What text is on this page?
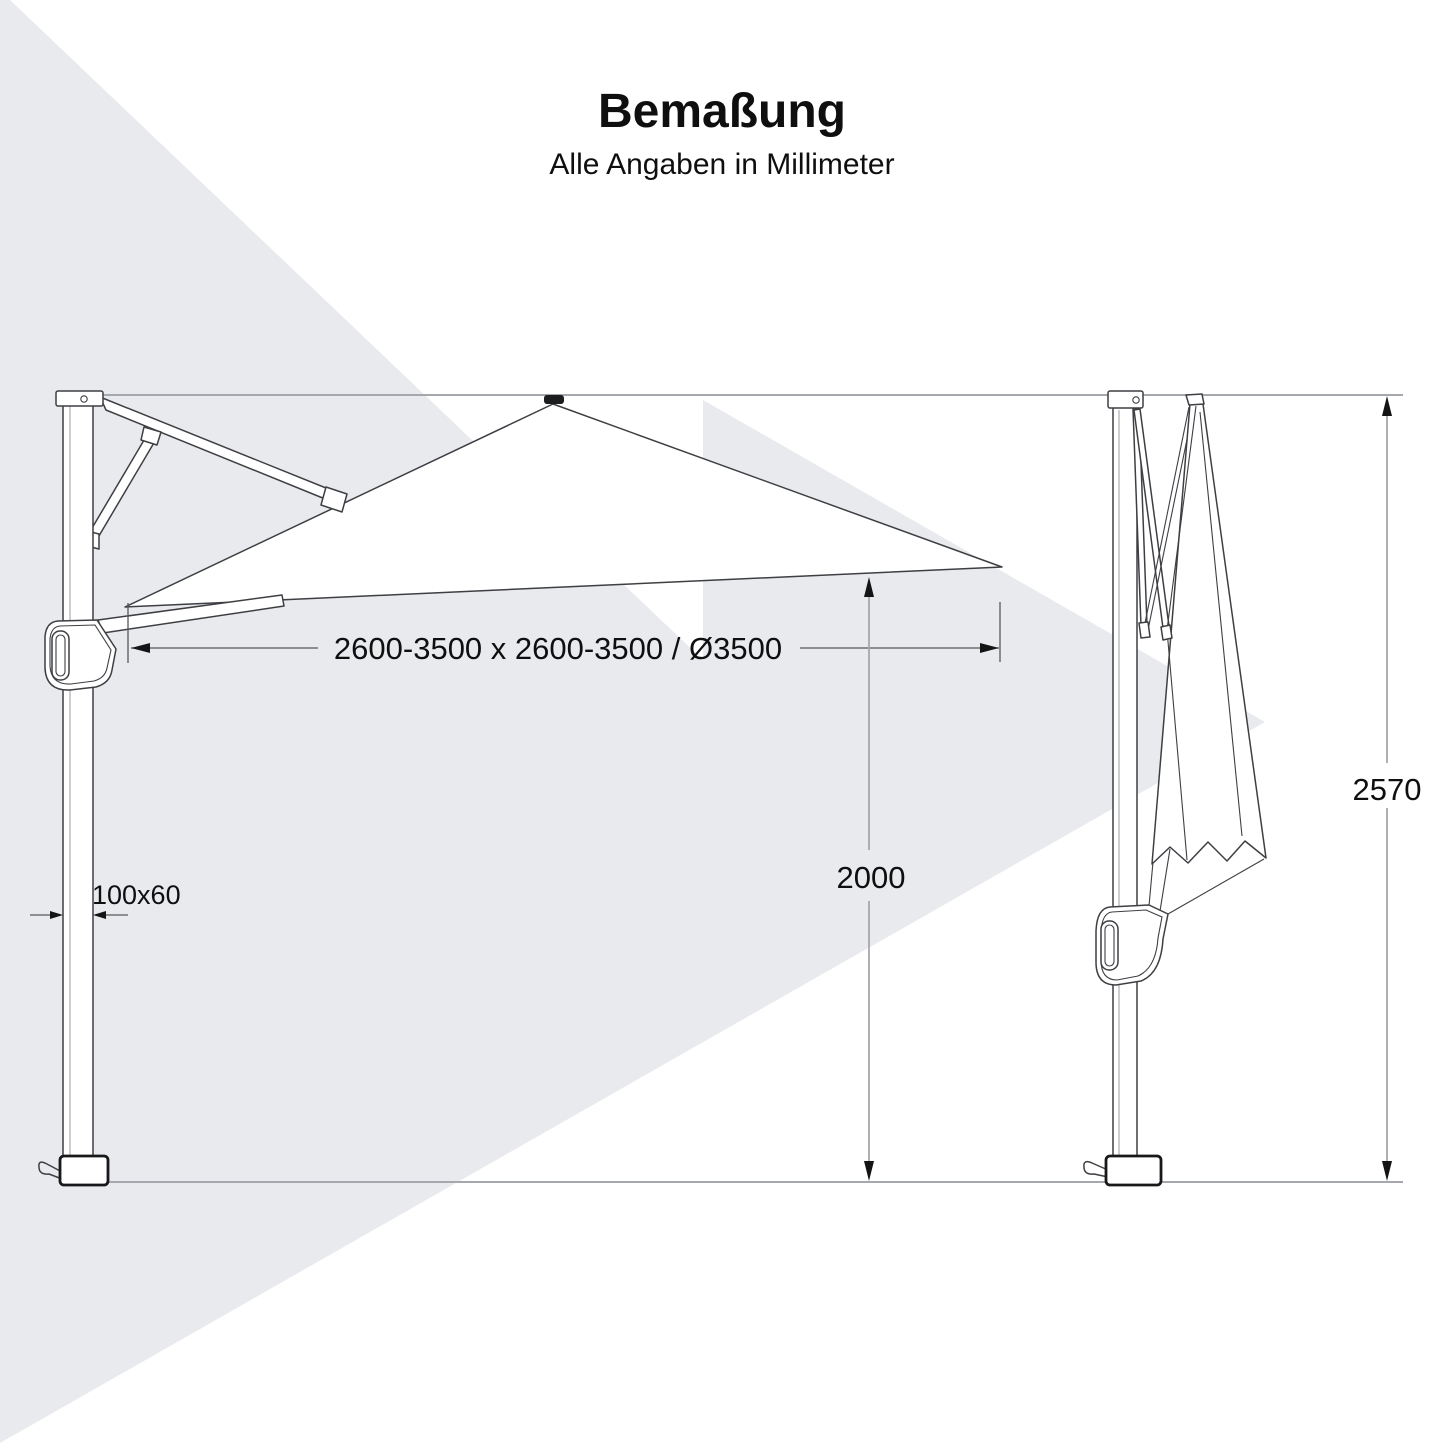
2600-3500 x 2600-3500 / Ø3500
2000
2570
100x60
Bemaßung
Alle Angaben in Millimeter
